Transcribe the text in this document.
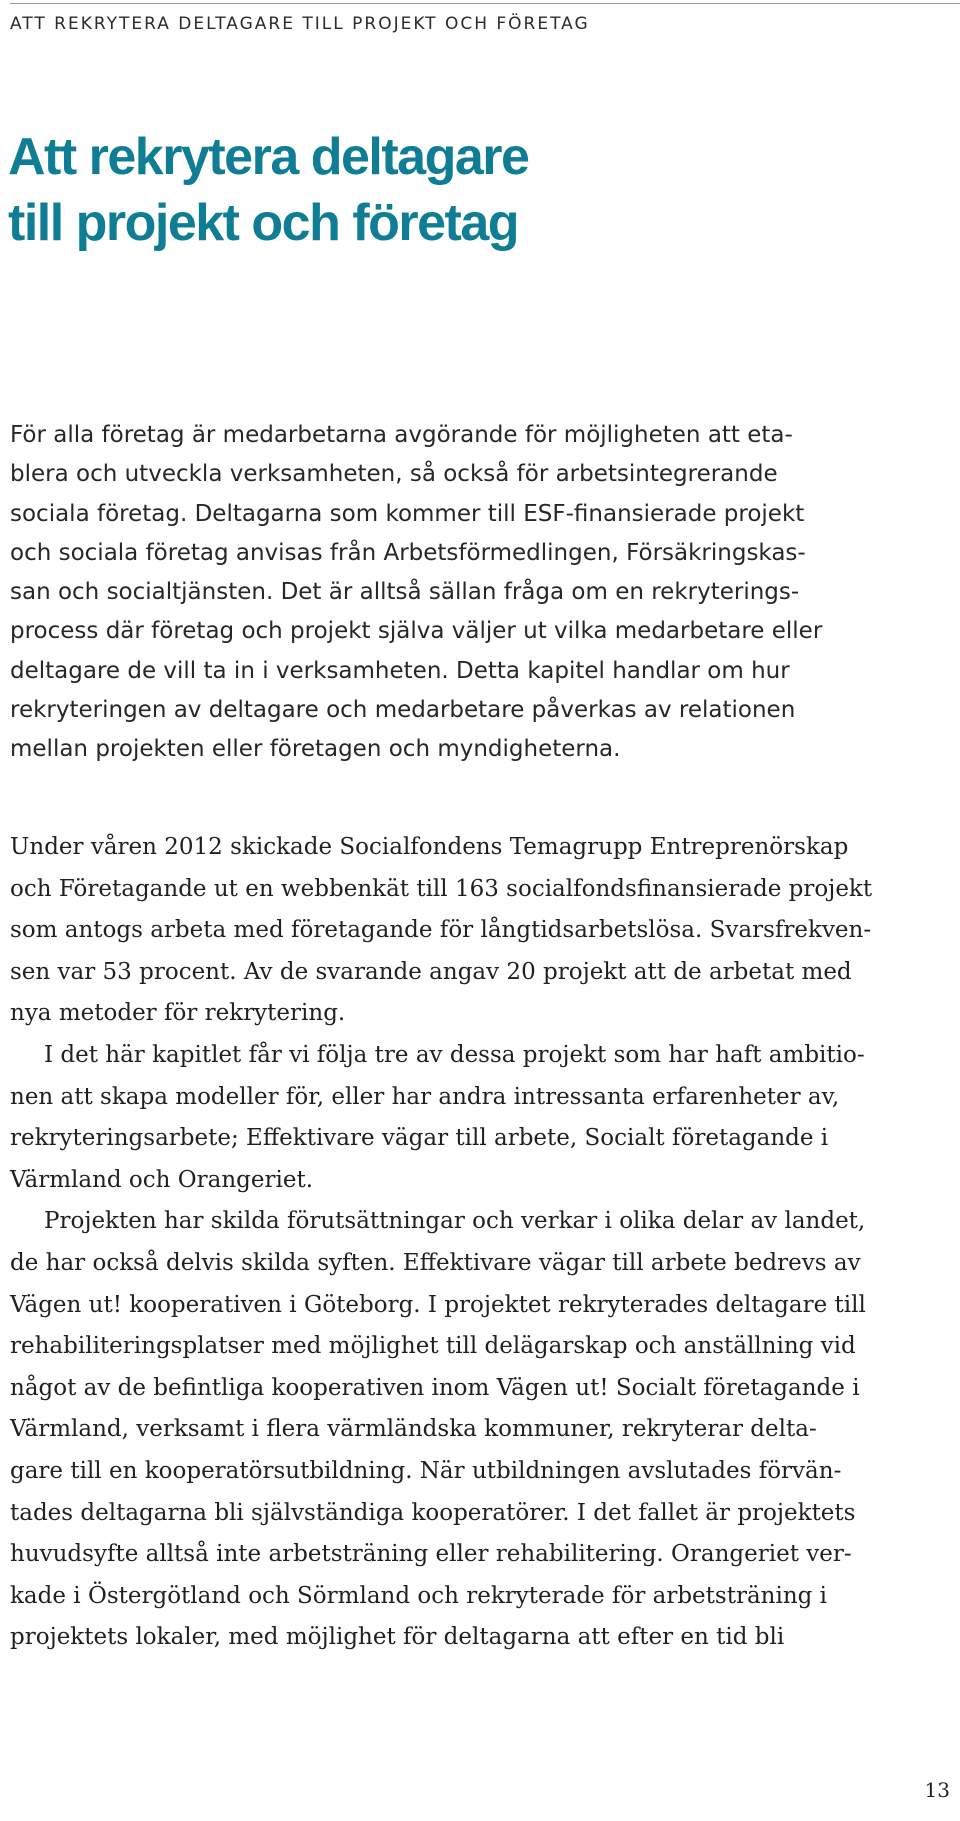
ATT REKRYTERA DELTAGARE TILL PROJEKT OCH FÖRETAG
Att rekrytera deltagare
till projekt och företag

För alla företag är medarbetarna avgörande för möjligheten att eta-
blera och utveckla verksamheten, så också för arbetsintegrerande
sociala företag. Deltagarna som kommer till ESF-finansierade projekt
och sociala företag anvisas från Arbetsförmedlingen, Försäkringskas-
san och socialtjänsten. Det är alltså sällan fråga om en rekryterings-
process där företag och projekt själva väljer ut vilka medarbetare eller
deltagare de vill ta in i verksamheten. Detta kapitel handlar om hur
rekryteringen av deltagare och medarbetare påverkas av relationen
mellan projekten eller företagen och myndigheterna.

Under våren 2012 skickade Socialfondens Temagrupp Entreprenörskap
och Företagande ut en webbenkät till 163 socialfondsfinansierade projekt
som antogs arbeta med företagande för långtidsarbetslösa. Svarsfrekven-
sen var 53 procent. Av de svarande angav 20 projekt att de arbetat med
nya metoder för rekrytering.

I det här kapitlet får vi följa tre av dessa projekt som har haft ambitio-
nen att skapa modeller för, eller har andra intressanta erfarenheter av,
rekryteringsarbete; Effektivare vägar till arbete, Socialt företagande i
Värmland och Orangeriet.

Projekten har skilda förutsättningar och verkar i olika delar av landet,
de har också delvis skilda syften. Effektivare vägar till arbete bedrevs av
Vägen ut! kooperativen i Göteborg. I projektet rekryterades deltagare till
rehabiliteringsplatser med möjlighet till delägarskap och anställning vid
något av de befintliga kooperativen inom Vägen ut! Socialt företagande i
Värmland, verksamt i flera värmländska kommuner, rekryterar delta-
gare till en kooperatörsutbildning. När utbildningen avslutades förvän-
tades deltagarna bli självständiga kooperatörer. I det fallet är projektets
huvudsyfte alltså inte arbetsträning eller rehabilitering. Orangeriet ver-
kade i Östergötland och Sörmland och rekryterade för arbetsträning i
projektets lokaler, med möjlighet för deltagarna att efter en tid bli

13
